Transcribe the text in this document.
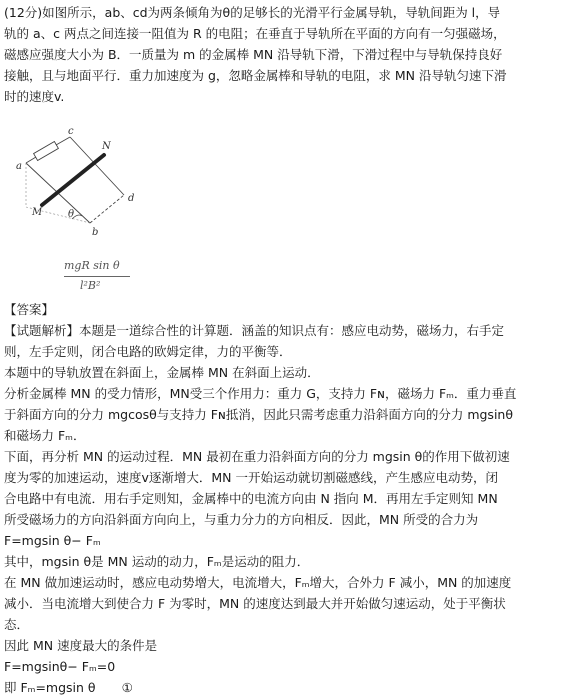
(12分)如图所示，ab、cd为两条倾角为θ的足够长的光滑平行金属导轨，导轨间距为 l，导
轨的 a、c 两点之间连接一阻值为 R 的电阻；在垂直于导轨所在平面的方向有一匀强磁场，
磁感应强度大小为 B．一质量为 m 的金属棒 MN 沿导轨下滑，下滑过程中与导轨保持良好
接触，且与地面平行．重力加速度为 g，忽略金属棒和导轨的电阻，求 MN 沿导轨匀速下滑
时的速度v.
a
b
c
d
M
N
θ
mgR sin θ
l²B²
【答案】
【试题解析】本题是一道综合性的计算题．涵盖的知识点有：感应电动势，磁场力，右手定
则，左手定则，闭合电路的欧姆定律，力的平衡等．
本题中的导轨放置在斜面上，金属棒 MN 在斜面上运动．
分析金属棒 MN 的受力情形，MN受三个作用力：重力 G，支持力 Fɴ，磁场力 Fₘ．重力垂直
于斜面方向的分力 mgcosθ与支持力 Fɴ抵消，因此只需考虑重力沿斜面方向的分力 mgsinθ
和磁场力 Fₘ．
下面，再分析 MN 的运动过程．MN 最初在重力沿斜面方向的分力 mgsin θ的作用下做初速
度为零的加速运动，速度v逐渐增大．MN 一开始运动就切割磁感线，产生感应电动势，闭
合电路中有电流．用右手定则知，金属棒中的电流方向由 N 指向 M．再用左手定则知 MN
所受磁场力的方向沿斜面方向向上，与重力分力的方向相反．因此，MN 所受的合力为
F=mgsin θ− Fₘ
其中，mgsin θ是 MN 运动的动力，Fₘ是运动的阻力．
在 MN 做加速运动时，感应电动势增大，电流增大，Fₘ增大，合外力 F 减小，MN 的加速度
减小．当电流增大到使合力 F 为零时，MN 的速度达到最大并开始做匀速运动，处于平衡状
态．
因此 MN 速度最大的条件是
F=mgsinθ− Fₘ=0
即 Fₘ=mgsin θ ①
